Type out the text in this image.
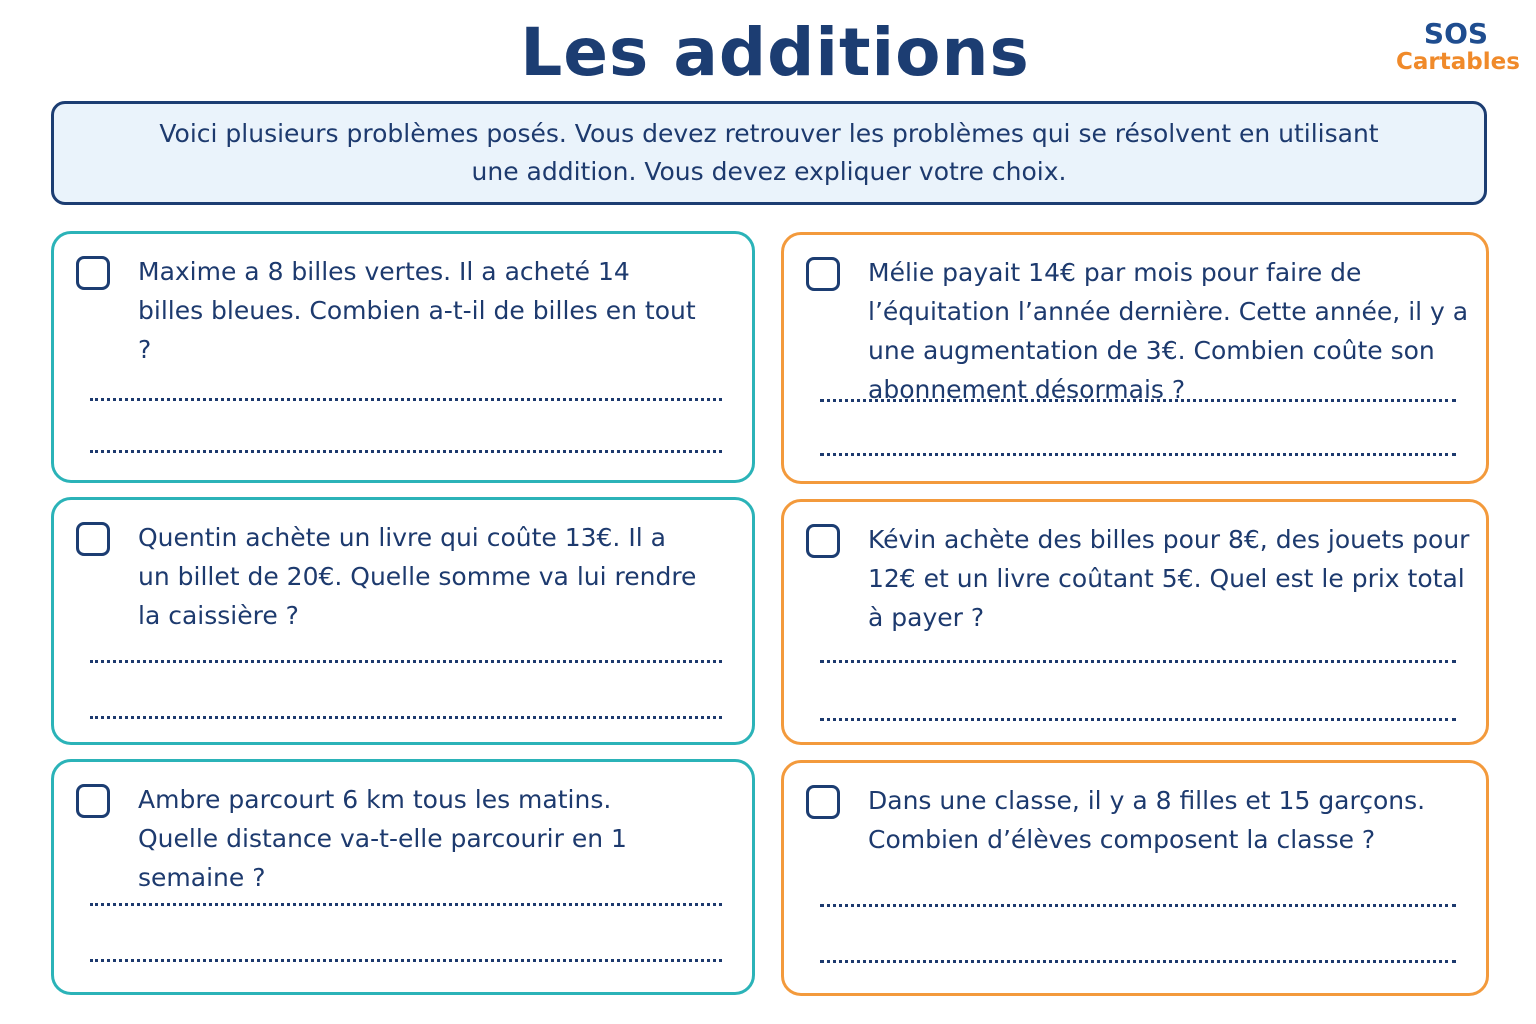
Les additions	SOS
Cartables

Voici plusieurs problèmes posés. Vous devez retrouver les problèmes qui se résolvent en utilisant une addition. Vous devez expliquer votre choix.

Maxime a 8 billes vertes. Il a acheté 14 billes bleues. Combien a-t-il de billes en tout ?

Mélie payait 14€ par mois pour faire de l’équitation l’année dernière. Cette année, il y a une augmentation de 3€. Combien coûte son abonnement désormais ?

Quentin achète un livre qui coûte 13€. Il a un billet de 20€. Quelle somme va lui rendre la caissière ?

Kévin achète des billes pour 8€, des jouets pour 12€ et un livre coûtant 5€. Quel est le prix total à payer ?

Ambre parcourt 6 km tous les matins. Quelle distance va-t-elle parcourir en 1 semaine ?

Dans une classe, il y a 8 filles et 15 garçons. Combien d’élèves composent la classe ?
